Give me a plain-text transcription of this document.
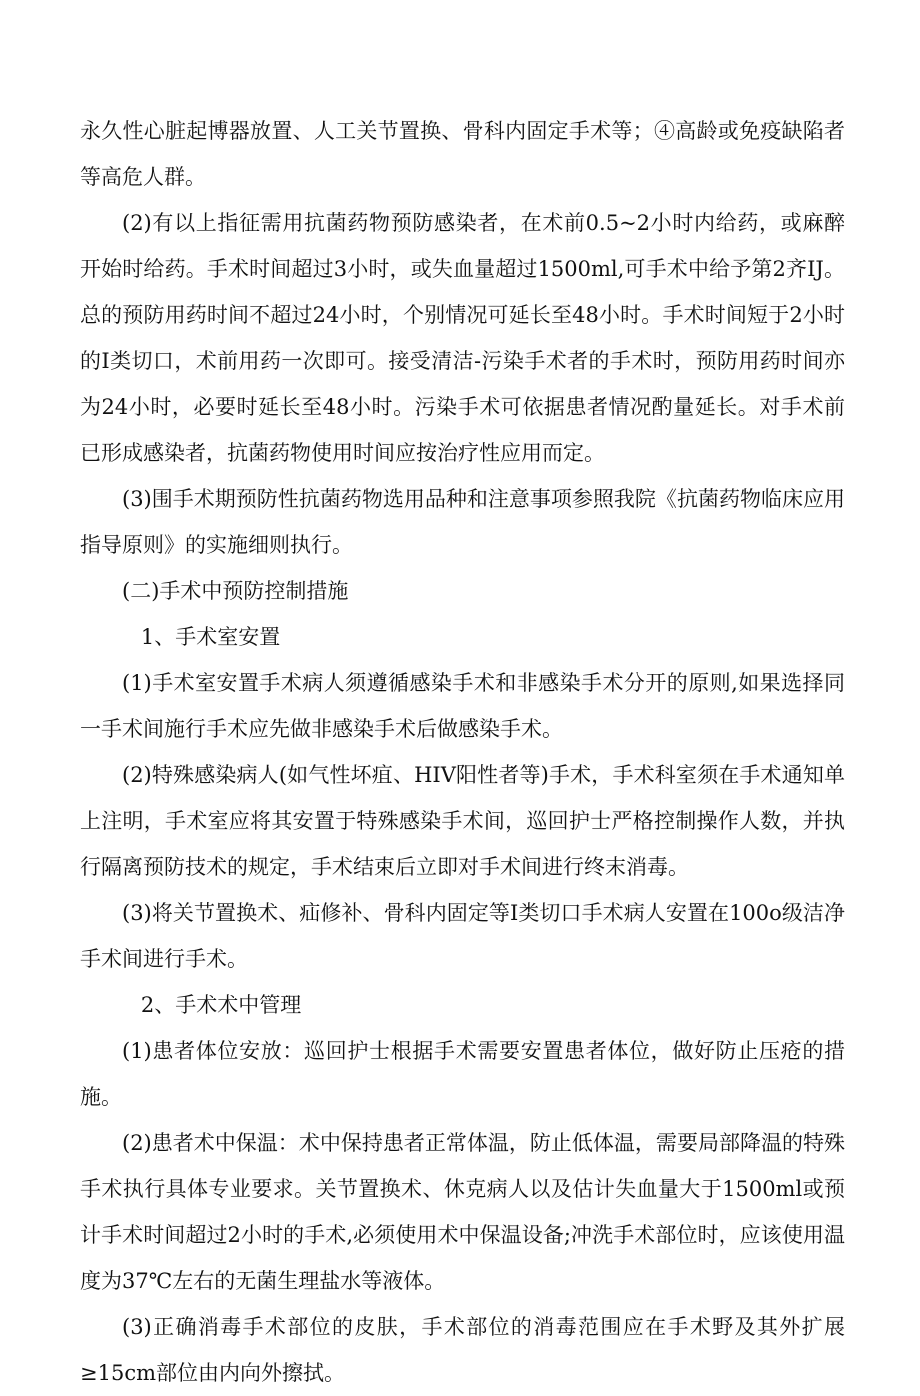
永久性心脏起博器放置、人工关节置换、骨科内固定手术等；④高龄或免疫缺陷者等高危人群。

(2)有以上指征需用抗菌药物预防感染者，在术前0.5~2小时内给药，或麻醉开始时给药。手术时间超过3小时，或失血量超过1500ml,可手术中给予第2齐IJ。总的预防用药时间不超过24小时，个别情况可延长至48小时。手术时间短于2小时的Ⅰ类切口，术前用药一次即可。接受清洁-污染手术者的手术时，预防用药时间亦为24小时，必要时延长至48小时。污染手术可依据患者情况酌量延长。对手术前已形成感染者，抗菌药物使用时间应按治疗性应用而定。

(3)围手术期预防性抗菌药物选用品种和注意事项参照我院《抗菌药物临床应用指导原则》的实施细则执行。

(二)手术中预防控制措施

1、手术室安置

(1)手术室安置手术病人须遵循感染手术和非感染手术分开的原则,如果选择同一手术间施行手术应先做非感染手术后做感染手术。

(2)特殊感染病人(如气性坏疽、HIV阳性者等)手术，手术科室须在手术通知单上注明，手术室应将其安置于特殊感染手术间，巡回护士严格控制操作人数，并执行隔离预防技术的规定，手术结束后立即对手术间进行终末消毒。

(3)将关节置换术、疝修补、骨科内固定等Ⅰ类切口手术病人安置在100o级洁净手术间进行手术。

2、手术术中管理

(1)患者体位安放：巡回护士根据手术需要安置患者体位，做好防止压疮的措施。

(2)患者术中保温：术中保持患者正常体温，防止低体温，需要局部降温的特殊手术执行具体专业要求。关节置换术、休克病人以及估计失血量大于1500ml或预计手术时间超过2小时的手术,必须使用术中保温设备;冲洗手术部位时，应该使用温度为37℃左右的无菌生理盐水等液体。

(3)正确消毒手术部位的皮肤，手术部位的消毒范围应在手术野及其外扩展≥15cm部位由内向外擦拭。
